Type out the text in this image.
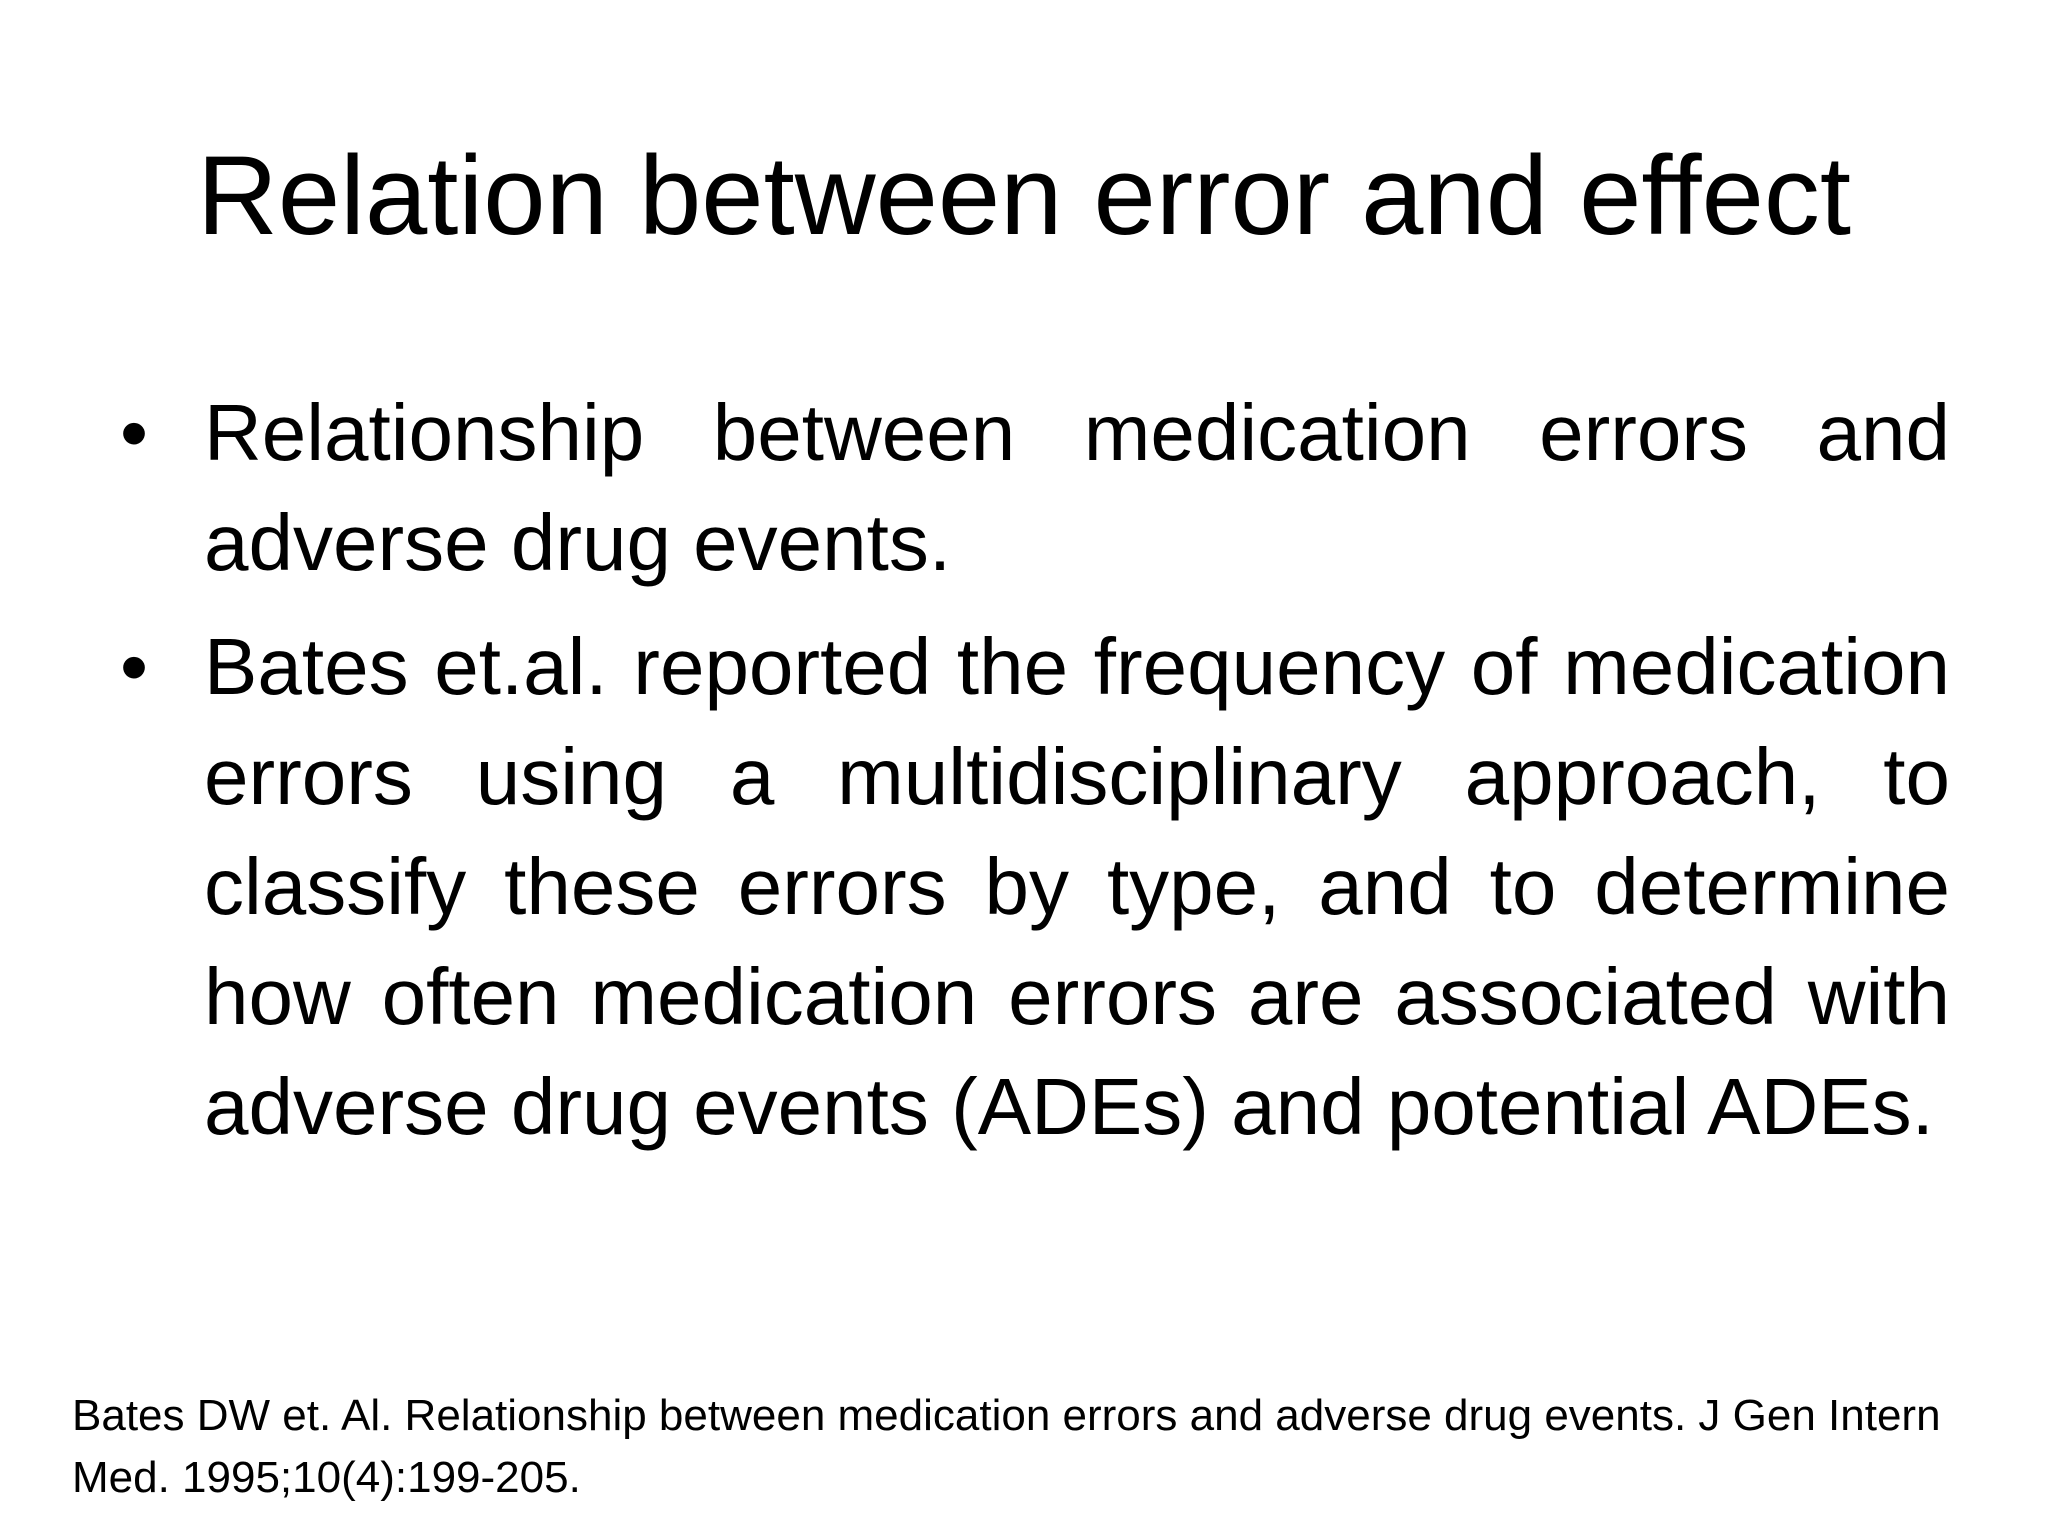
Relation between error and effect
• Relationship between medication errors and adverse drug events.
• Bates et.al. reported the frequency of medication errors using a multidisciplinary approach, to classify these errors by type, and to determine how often medication errors are associated with adverse drug events (ADEs) and potential ADEs.

Bates DW et. Al. Relationship between medication errors and adverse drug events. J Gen Intern Med. 1995;10(4):199-205.
